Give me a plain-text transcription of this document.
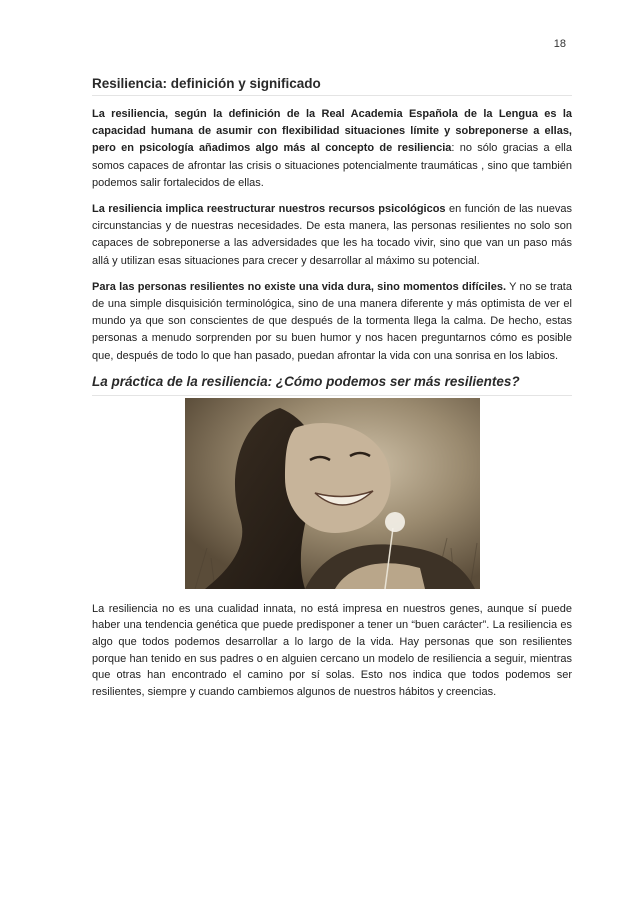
18
Resiliencia: definición y significado

La resiliencia, según la definición de la Real Academia Española de la Lengua es la capacidad humana de asumir con flexibilidad situaciones límite y sobreponerse a ellas, pero en psicología añadimos algo más al concepto de resiliencia: no sólo gracias a ella somos capaces de afrontar las crisis o situaciones potencialmente traumáticas , sino que también podemos salir fortalecidos de ellas.

La resiliencia implica reestructurar nuestros recursos psicológicos en función de las nuevas circunstancias y de nuestras necesidades. De esta manera, las personas resilientes no solo son capaces de sobreponerse a las adversidades que les ha tocado vivir, sino que van un paso más allá y utilizan esas situaciones para crecer y desarrollar al máximo su potencial.

Para las personas resilientes no existe una vida dura, sino momentos difíciles. Y no se trata de una simple disquisición terminológica, sino de una manera diferente y más optimista de ver el mundo ya que son conscientes de que después de la tormenta llega la calma. De hecho, estas personas a menudo sorprenden por su buen humor y nos hacen preguntarnos cómo es posible que, después de todo lo que han pasado, puedan afrontar la vida con una sonrisa en los labios.

La práctica de la resiliencia: ¿Cómo podemos ser más resilientes?

La resiliencia no es una cualidad innata, no está impresa en nuestros genes, aunque sí puede haber una tendencia genética que puede predisponer a tener un “buen carácter”. La resiliencia es algo que todos podemos desarrollar a lo largo de la vida. Hay personas que son resilientes porque han tenido en sus padres o en alguien cercano un modelo de resiliencia a seguir, mientras que otras han encontrado el camino por sí solas. Esto nos indica que todos podemos ser resilientes, siempre y cuando cambiemos algunos de nuestros hábitos y creencias.
